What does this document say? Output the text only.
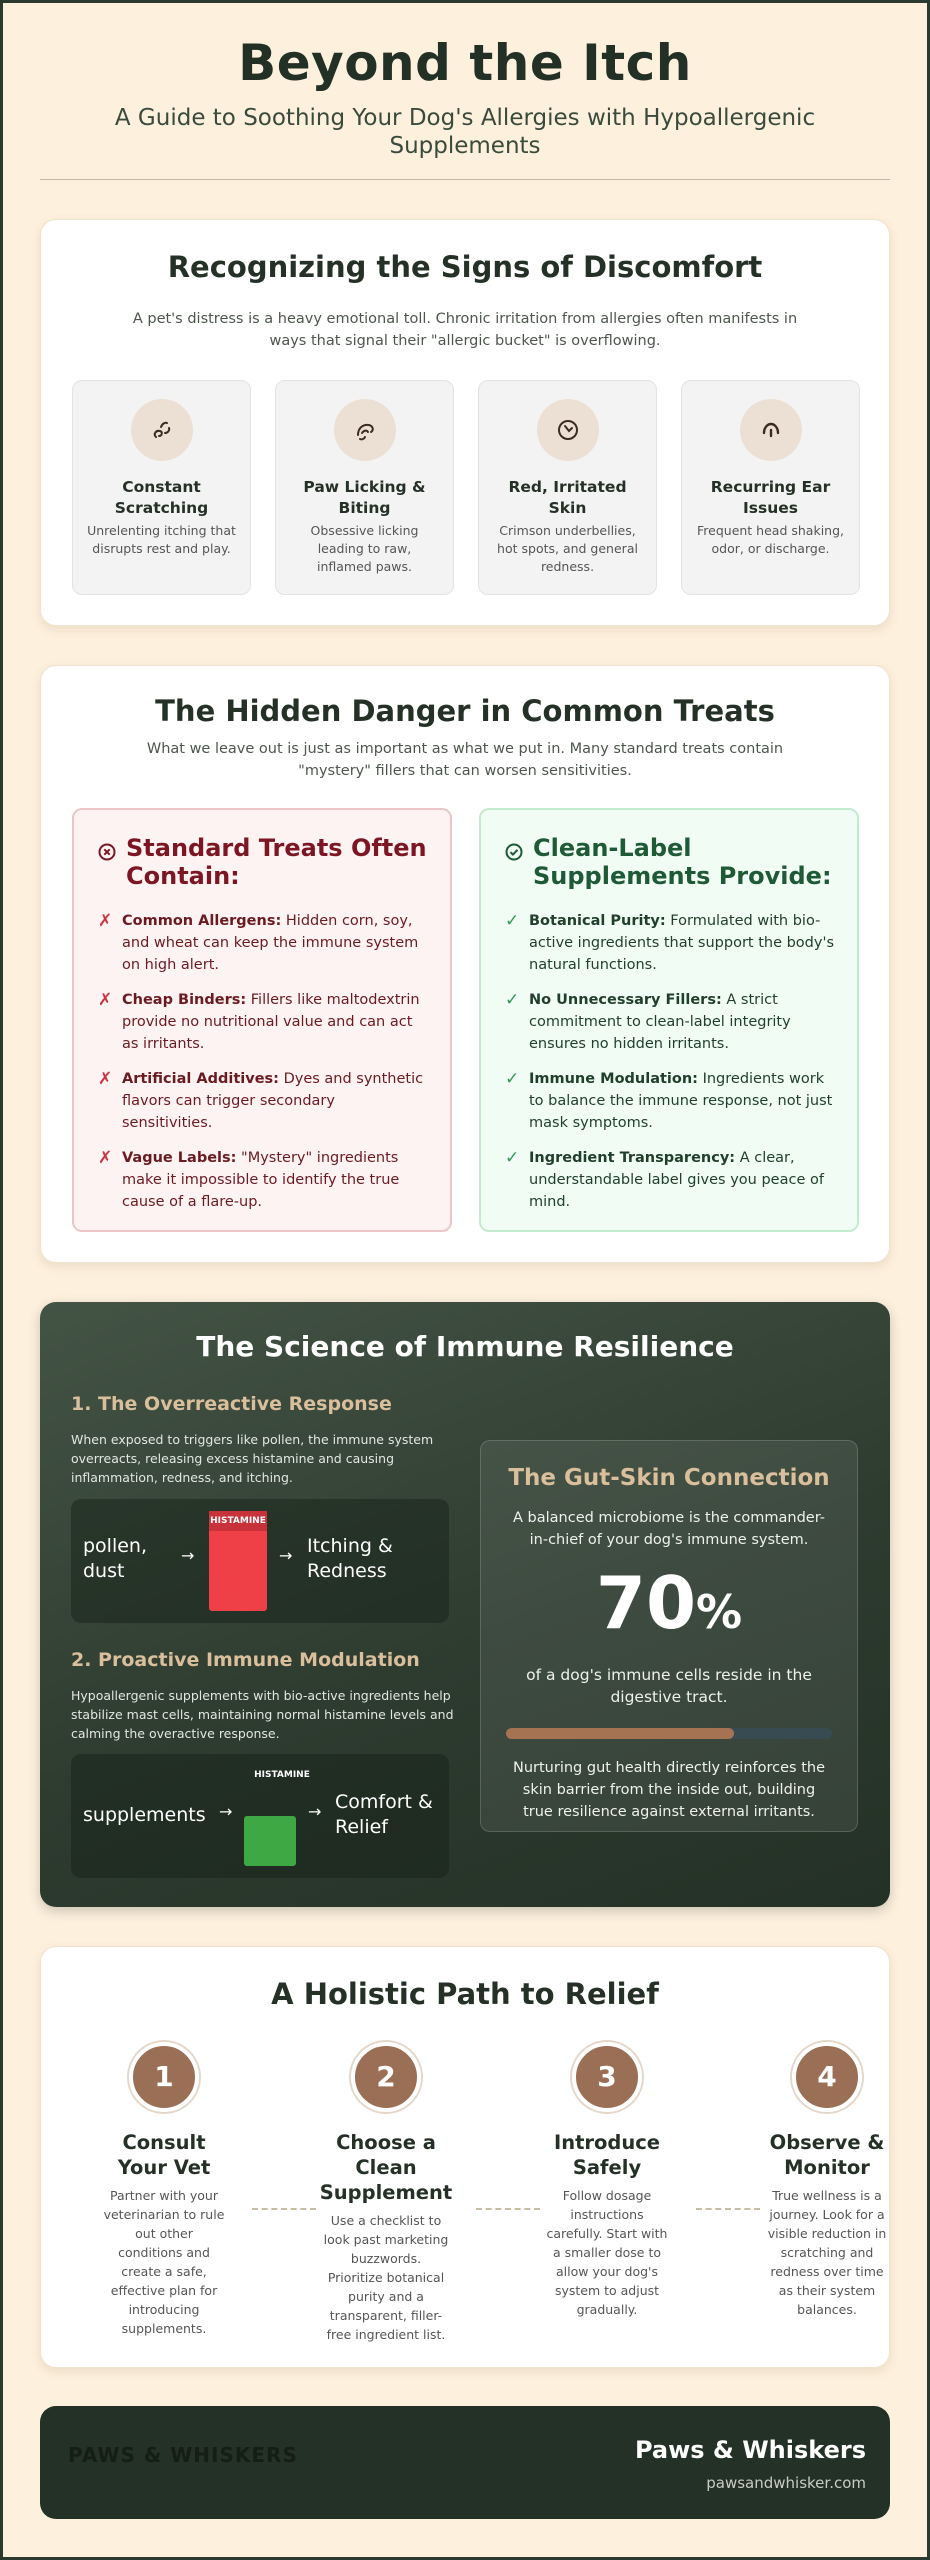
Beyond the Itch
A Guide to Soothing Your Dog's Allergies with Hypoallergenic Supplements
Recognizing the Signs of Discomfort

A pet's distress is a heavy emotional toll. Chronic irritation from allergies often manifests in ways that signal their "allergic bucket" is overflowing.

Constant Scratching
Unrelenting itching that disrupts rest and play.
Paw Licking & Biting
Obsessive licking leading to raw, inflamed paws.
Red, Irritated Skin
Crimson underbellies, hot spots, and general redness.
Recurring Ear Issues
Frequent head shaking, odor, or discharge.
The Hidden Danger in Common Treats

What we leave out is just as important as what we put in. Many standard treats contain "mystery" fillers that can worsen sensitivities.

Standard Treats Often Contain:
✗ Common Allergens: Hidden corn, soy, and wheat can keep the immune system on high alert.
✗ Cheap Binders: Fillers like maltodextrin provide no nutritional value and can act as irritants.
✗ Artificial Additives: Dyes and synthetic flavors can trigger secondary sensitivities.
✗ Vague Labels: "Mystery" ingredients make it impossible to identify the true cause of a flare-up.
Clean-Label Supplements Provide:
✓ Botanical Purity: Formulated with bio-active ingredients that support the body's natural functions.
✓ No Unnecessary Fillers: A strict commitment to clean-label integrity ensures no hidden irritants.
✓ Immune Modulation: Ingredients work to balance the immune response, not just mask symptoms.
✓ Ingredient Transparency: A clear, understandable label gives you peace of mind.
The Science of Immune Resilience
1. The Overreactive Response
When exposed to triggers like pollen, the immune system overreacts, releasing excess histamine and causing inflammation, redness, and itching.
pollen, dust
→
HISTAMINE
→ Itching & Redness
2. Proactive Immune Modulation
Hypoallergenic supplements with bio-active ingredients help stabilize mast cells, maintaining normal histamine levels and calming the overactive response.
supplements →
HISTAMINE
→ Comfort & Relief
The Gut-Skin Connection
A balanced microbiome is the commander-in-chief of your dog's immune system.
70%
of a dog's immune cells reside in the digestive tract.
Nurturing gut health directly reinforces the skin barrier from the inside out, building true resilience against external irritants.
A Holistic Path to Relief
1
Consult Your Vet
Partner with your veterinarian to rule out other conditions and create a safe, effective plan for introducing supplements.
2
Choose a Clean Supplement
Use a checklist to look past marketing buzzwords. Prioritize botanical purity and a transparent, filler-free ingredient list.
3
Introduce Safely
Follow dosage instructions carefully. Start with a smaller dose to allow your dog's system to adjust gradually.
4
Observe & Monitor
True wellness is a journey. Look for a visible reduction in scratching and redness over time as their system balances.
PAWS & WHISKERS	Paws & Whiskers
pawsandwhisker.com
